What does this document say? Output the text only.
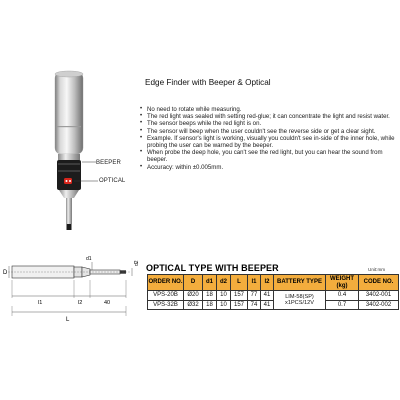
BEEPER
OPTICAL
Edge Finder with Beeper & Optical
• No need to rotate while measuring.
• The red light was sealed with setting red-glue; it can concentrate the light and resist water.
• The sensor beeps while the red light is on.
• The sensor will beep when the user couldn't see the reverse side or get a clear sight.
• Example. If sensor's light is working, visually you couldn't see in-side of the inner hole, while probing the user can be warned by the beeper.
• When probe the deep hole, you can't see the red light, but you can hear the sound from beeper.
• Accuracy: within ±0.005mm.
D
d1
d2
l1	l2	40
L
OPTICAL TYPE WITH BEEPER	Unit:mm
ORDER NO.	D	d1	d2	L	l1	l2	BATTERY TYPE	WEIGHT (kg)	CODE NO.
VPS-20B	Ø20	18	10	157	77	41	LIM-58(SP) x1PCS/12V	0.4	3402-001
VPS-32B	Ø32	18	10	157	74	41		0.7	3402-002
